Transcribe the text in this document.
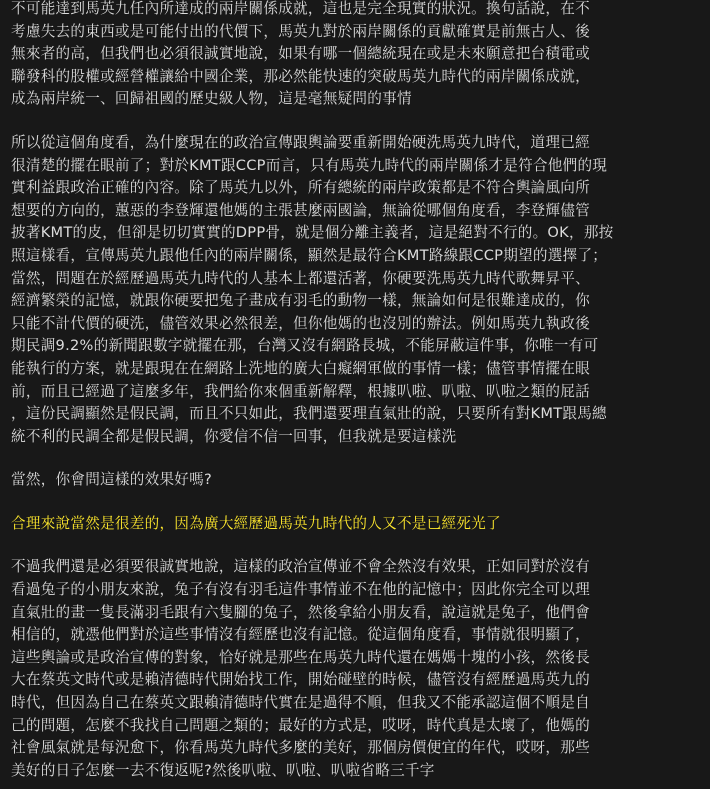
不可能達到馬英九任內所達成的兩岸關係成就，這也是完全現實的狀況。換句話說，在不
考慮失去的東西或是可能付出的代價下，馬英九對於兩岸關係的貢獻確實是前無古人、後
無來者的高，但我們也必須很誠實地說，如果有哪一個總統現在或是未來願意把台積電或
聯發科的股權或經營權讓給中國企業，那必然能快速的突破馬英九時代的兩岸關係成就，
成為兩岸統一、回歸祖國的歷史級人物，這是毫無疑問的事情
所以從這個角度看，為什麼現在的政治宣傳跟輿論要重新開始硬洗馬英九時代，道理已經
很清楚的擺在眼前了；對於KMT跟CCP而言，只有馬英九時代的兩岸關係才是符合他們的現
實利益跟政治正確的內容。除了馬英九以外，所有總統的兩岸政策都是不符合輿論風向所
想要的方向的，蕙惡的李登輝還他媽的主張甚麼兩國論，無論從哪個角度看，李登輝儘管
披著KMT的皮，但卻是切切實實的DPP骨，就是個分離主義者，這是絕對不行的。OK，那按
照這樣看，宣傳馬英九跟他任內的兩岸關係，顯然是最符合KMT路線跟CCP期望的選擇了；
當然，問題在於經歷過馬英九時代的人基本上都還活著，你硬要洗馬英九時代歌舞昇平、
經濟繁榮的記憶，就跟你硬要把兔子畫成有羽毛的動物一樣，無論如何是很難達成的，你
只能不計代價的硬洗，儘管效果必然很差，但你他媽的也沒別的辦法。例如馬英九執政後
期民調9.2%的新聞跟數字就擺在那，台灣又沒有網路長城，不能屏蔽這件事，你唯一有可
能執行的方案，就是跟現在在網路上洗地的廣大白癡網軍做的事情一樣；儘管事情擺在眼
前，而且已經過了這麼多年，我們給你來個重新解釋，根據叭啦、叭啦、叭啦之類的屁話
，這份民調顯然是假民調，而且不只如此，我們還要理直氣壯的說，只要所有對KMT跟馬總
統不利的民調全都是假民調，你愛信不信一回事，但我就是要這樣洗
當然，你會問這樣的效果好嗎?
合理來說當然是很差的，因為廣大經歷過馬英九時代的人又不是已經死光了
不過我們還是必須要很誠實地說，這樣的政治宣傳並不會全然沒有效果，正如同對於沒有
看過兔子的小朋友來說，兔子有沒有羽毛這件事情並不在他的記憶中；因此你完全可以理
直氣壯的畫一隻長滿羽毛跟有六隻腳的兔子，然後拿給小朋友看，說這就是兔子，他們會
相信的，就憑他們對於這些事情沒有經歷也沒有記憶。從這個角度看，事情就很明顯了，
這些輿論或是政治宣傳的對象，恰好就是那些在馬英九時代還在媽媽十塊的小孩，然後長
大在蔡英文時代或是賴清德時代開始找工作，開始碰壁的時候，儘管沒有經歷過馬英九的
時代，但因為自己在蔡英文跟賴清德時代實在是過得不順，但我又不能承認這個不順是自
己的問題，怎麼不我找自己問題之類的；最好的方式是，哎呀，時代真是太壞了，他媽的
社會風氣就是每況愈下，你看馬英九時代多麼的美好，那個房價便宜的年代，哎呀，那些
美好的日子怎麼一去不復返呢?然後叭啦、叭啦、叭啦省略三千字
